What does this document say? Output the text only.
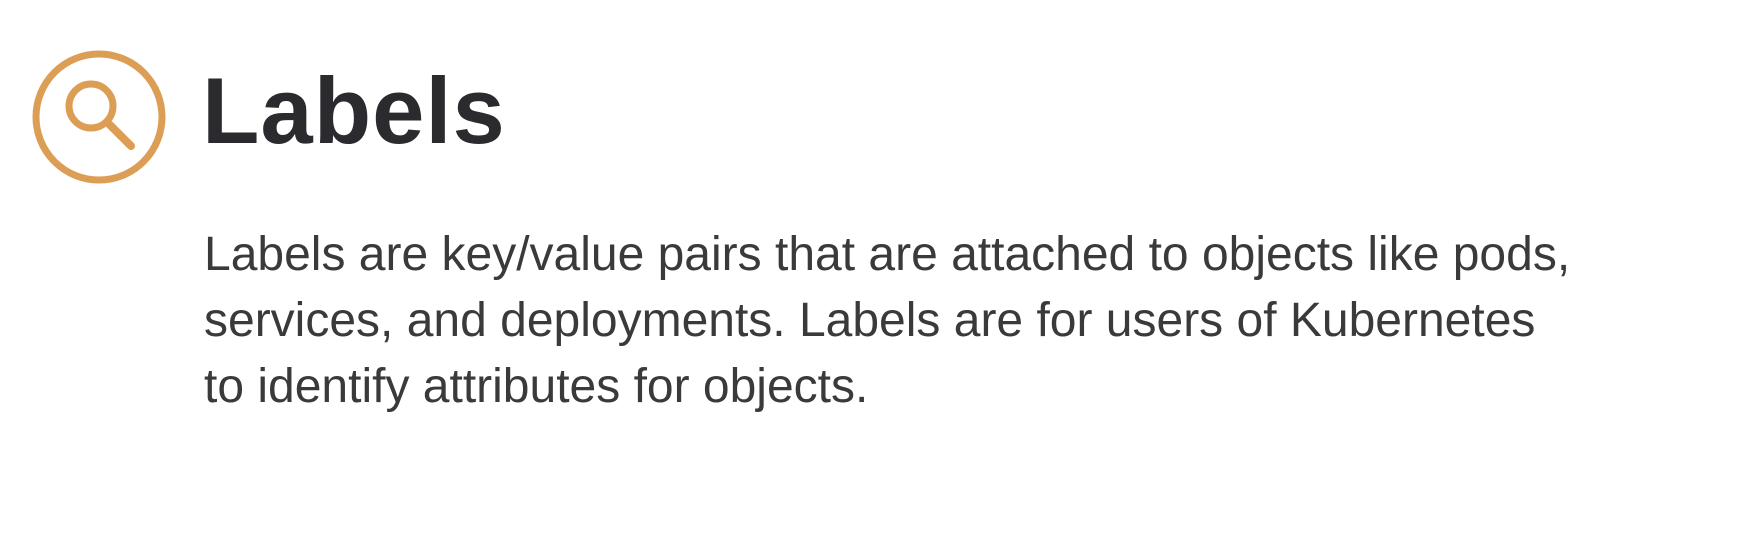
Labels

Labels are key/value pairs that are attached to objects like pods,
services, and deployments. Labels are for users of Kubernetes
to identify attributes for objects.
